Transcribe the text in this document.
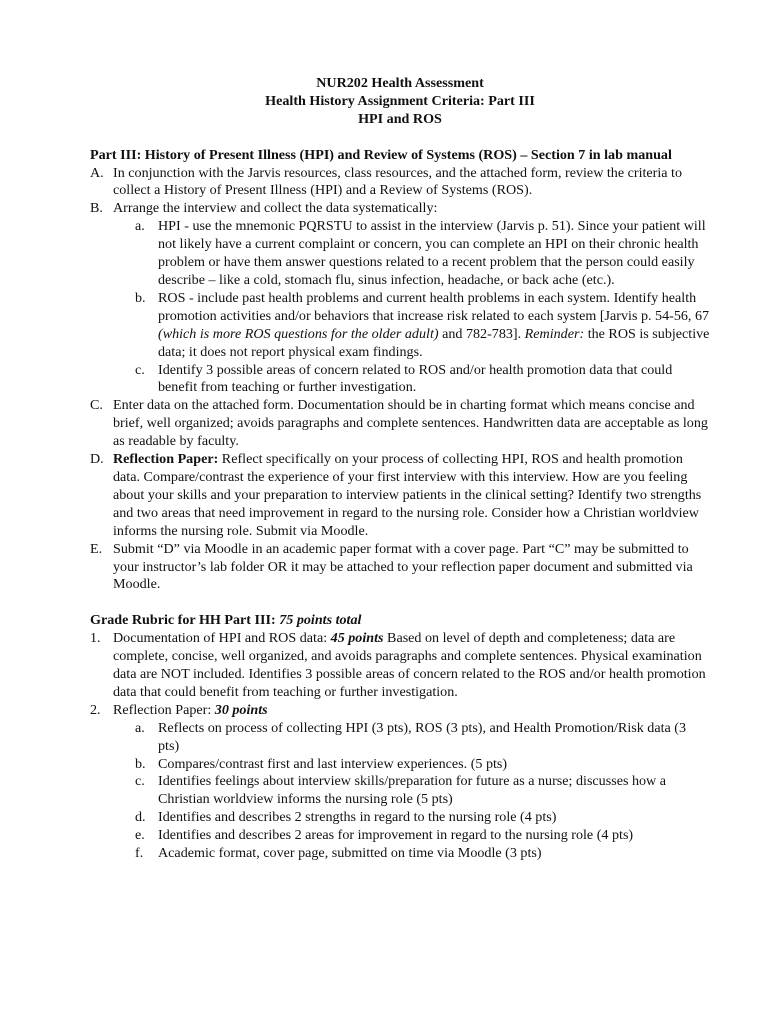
NUR202 Health Assessment
Health History Assignment Criteria: Part III
HPI and ROS
Part III: History of Present Illness (HPI) and Review of Systems (ROS) – Section 7 in lab manual
A. In conjunction with the Jarvis resources, class resources, and the attached form, review the criteria to collect a History of Present Illness (HPI) and a Review of Systems (ROS).
B. Arrange the interview and collect the data systematically:
a. HPI - use the mnemonic PQRSTU to assist in the interview (Jarvis p. 51). Since your patient will not likely have a current complaint or concern, you can complete an HPI on their chronic health problem or have them answer questions related to a recent problem that the person could easily describe – like a cold, stomach flu, sinus infection, headache, or back ache (etc.).
b. ROS - include past health problems and current health problems in each system. Identify health promotion activities and/or behaviors that increase risk related to each system [Jarvis p. 54-56, 67 (which is more ROS questions for the older adult) and 782-783]. Reminder: the ROS is subjective data; it does not report physical exam findings.
c. Identify 3 possible areas of concern related to ROS and/or health promotion data that could benefit from teaching or further investigation.
C. Enter data on the attached form. Documentation should be in charting format which means concise and brief, well organized; avoids paragraphs and complete sentences. Handwritten data are acceptable as long as readable by faculty.
D. Reflection Paper: Reflect specifically on your process of collecting HPI, ROS and health promotion data. Compare/contrast the experience of your first interview with this interview. How are you feeling about your skills and your preparation to interview patients in the clinical setting? Identify two strengths and two areas that need improvement in regard to the nursing role. Consider how a Christian worldview informs the nursing role. Submit via Moodle.
E. Submit “D” via Moodle in an academic paper format with a cover page. Part “C” may be submitted to your instructor’s lab folder OR it may be attached to your reflection paper document and submitted via Moodle.
Grade Rubric for HH Part III: 75 points total
1. Documentation of HPI and ROS data: 45 points Based on level of depth and completeness; data are complete, concise, well organized, and avoids paragraphs and complete sentences. Physical examination data are NOT included. Identifies 3 possible areas of concern related to the ROS and/or health promotion data that could benefit from teaching or further investigation.
2. Reflection Paper: 30 points
a. Reflects on process of collecting HPI (3 pts), ROS (3 pts), and Health Promotion/Risk data (3 pts)
b. Compares/contrast first and last interview experiences. (5 pts)
c. Identifies feelings about interview skills/preparation for future as a nurse; discusses how a Christian worldview informs the nursing role (5 pts)
d. Identifies and describes 2 strengths in regard to the nursing role (4 pts)
e. Identifies and describes 2 areas for improvement in regard to the nursing role (4 pts)
f.	Academic format, cover page, submitted on time via Moodle (3 pts)
